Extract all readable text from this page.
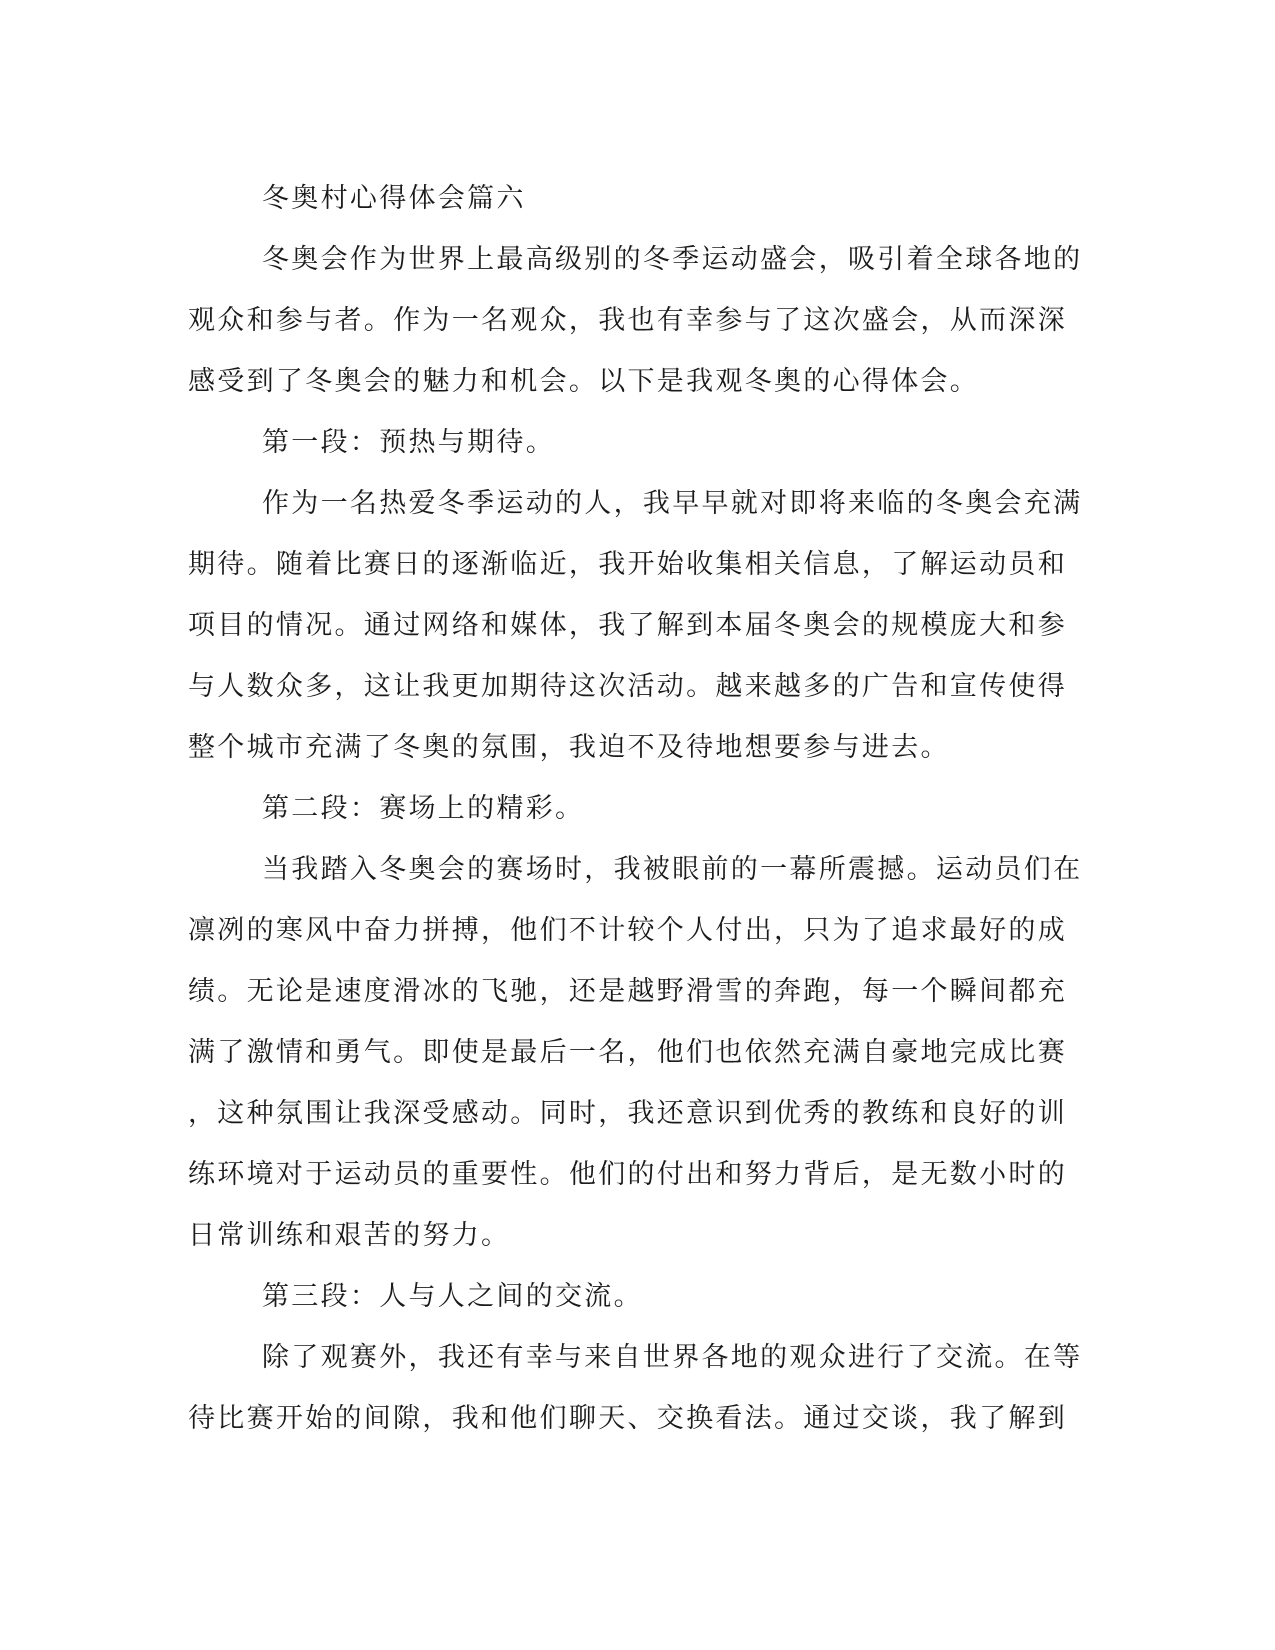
冬奥村心得体会篇六
冬奥会作为世界上最高级别的冬季运动盛会，吸引着全球各地的
观众和参与者。作为一名观众，我也有幸参与了这次盛会，从而深深
感受到了冬奥会的魅力和机会。以下是我观冬奥的心得体会。
第一段：预热与期待。
作为一名热爱冬季运动的人，我早早就对即将来临的冬奥会充满
期待。随着比赛日的逐渐临近，我开始收集相关信息，了解运动员和
项目的情况。通过网络和媒体，我了解到本届冬奥会的规模庞大和参
与人数众多，这让我更加期待这次活动。越来越多的广告和宣传使得
整个城市充满了冬奥的氛围，我迫不及待地想要参与进去。
第二段：赛场上的精彩。
当我踏入冬奥会的赛场时，我被眼前的一幕所震撼。运动员们在
凛冽的寒风中奋力拼搏，他们不计较个人付出，只为了追求最好的成
绩。无论是速度滑冰的飞驰，还是越野滑雪的奔跑，每一个瞬间都充
满了激情和勇气。即使是最后一名，他们也依然充满自豪地完成比赛
，这种氛围让我深受感动。同时，我还意识到优秀的教练和良好的训
练环境对于运动员的重要性。他们的付出和努力背后，是无数小时的
日常训练和艰苦的努力。
第三段：人与人之间的交流。
除了观赛外，我还有幸与来自世界各地的观众进行了交流。在等
待比赛开始的间隙，我和他们聊天、交换看法。通过交谈，我了解到
